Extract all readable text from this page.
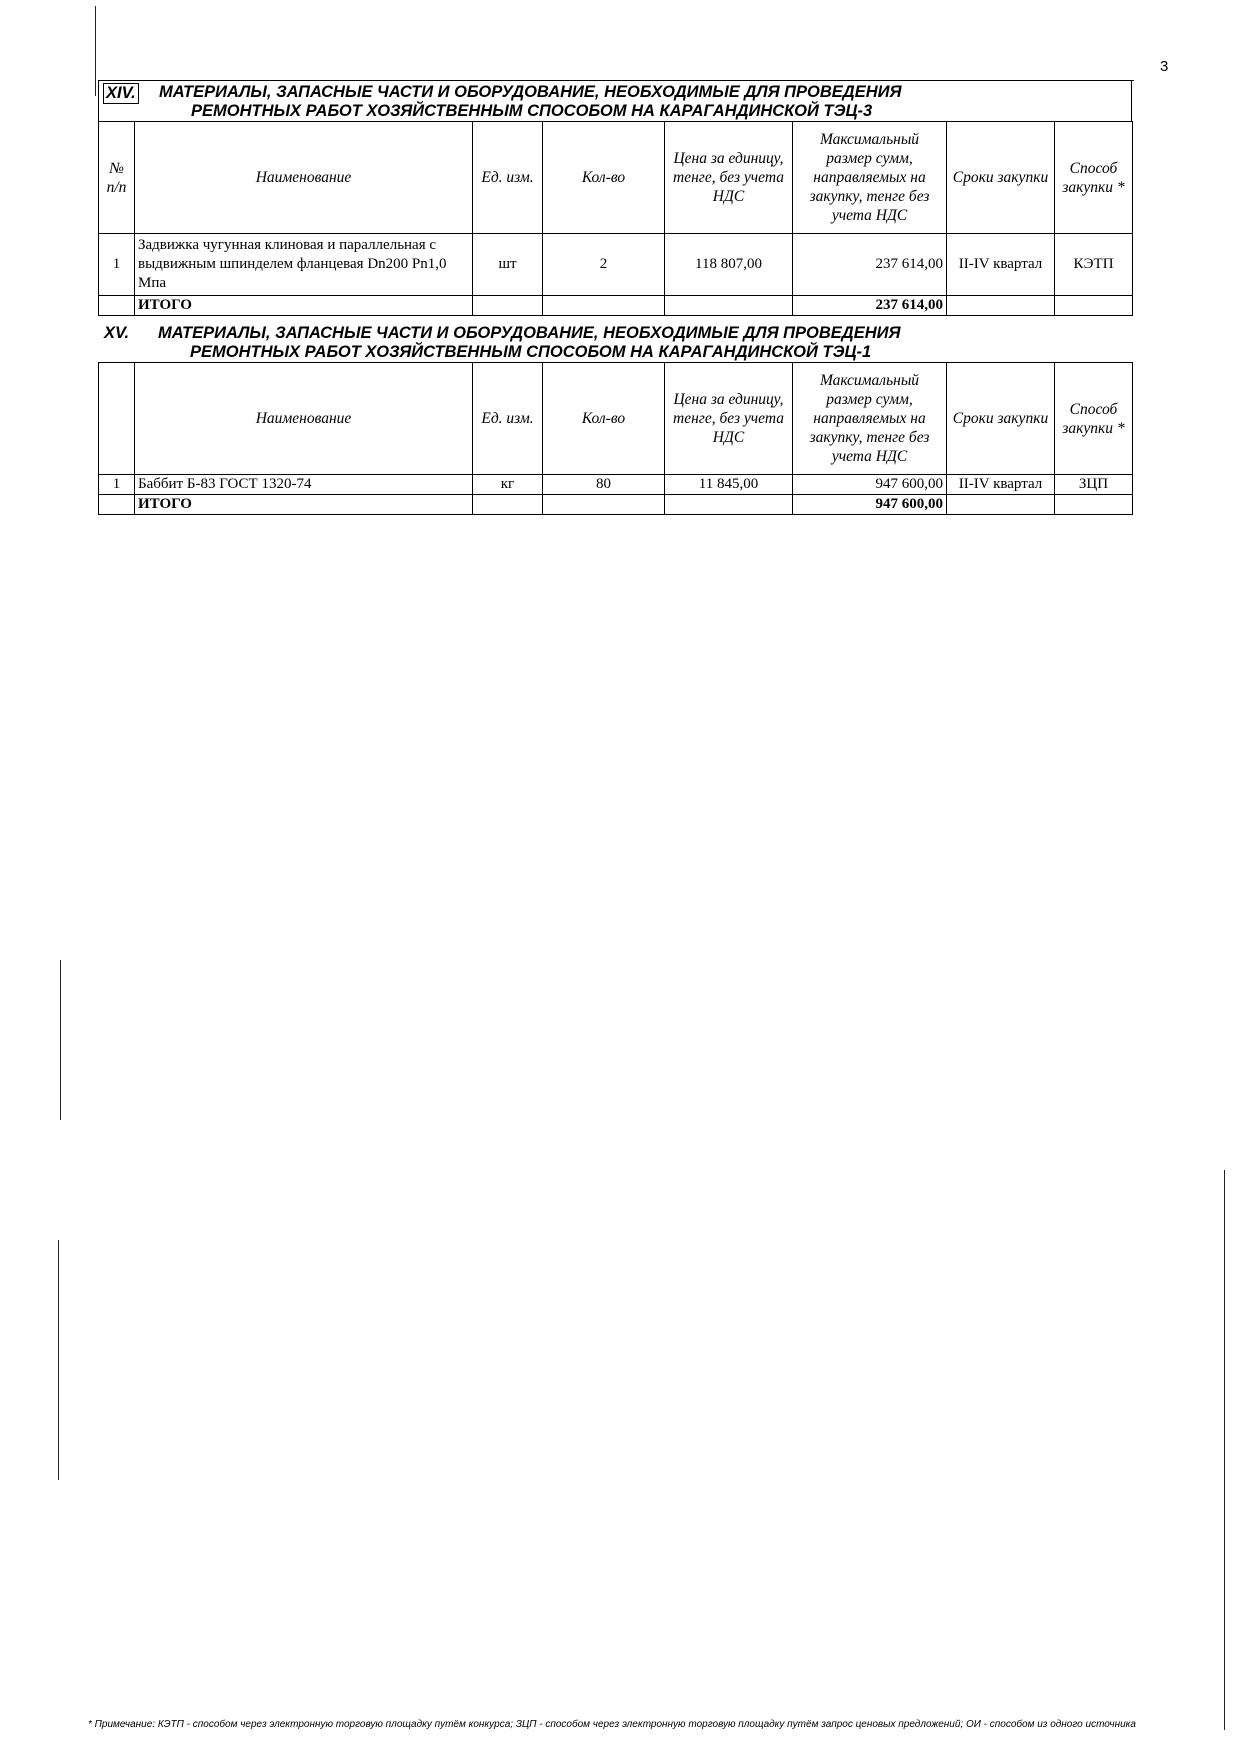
3
XIV.	МАТЕРИАЛЫ, ЗАПАСНЫЕ ЧАСТИ И ОБОРУДОВАНИЕ, НЕОБХОДИМЫЕ ДЛЯ ПРОВЕДЕНИЯ
РЕМОНТНЫХ РАБОТ ХОЗЯЙСТВЕННЫМ СПОСОБОМ НА КАРАГАНДИНСКОЙ ТЭЦ-3
№ п/п	Наименование	Ед. изм.	Кол-во	Цена за единицу, тенге, без учета НДС	Максимальный размер сумм, направляемых на закупку, тенге без учета НДС	Сроки закупки	Способ закупки *
1	Задвижка чугунная клиновая и параллельная с выдвижным шпинделем фланцевая Dn200 Pn1,0 Мпа	шт	2	118 807,00	237 614,00	II-IV квартал	КЭТП
	ИТОГО				237 614,00		
XV.	МАТЕРИАЛЫ, ЗАПАСНЫЕ ЧАСТИ И ОБОРУДОВАНИЕ, НЕОБХОДИМЫЕ ДЛЯ ПРОВЕДЕНИЯ
РЕМОНТНЫХ РАБОТ ХОЗЯЙСТВЕННЫМ СПОСОБОМ НА КАРАГАНДИНСКОЙ ТЭЦ-1
	Наименование	Ед. изм.	Кол-во	Цена за единицу, тенге, без учета НДС	Максимальный размер сумм, направляемых на закупку, тенге без учета НДС	Сроки закупки	Способ закупки *
1	Баббит Б-83 ГОСТ 1320-74	кг	80	11 845,00	947 600,00	II-IV квартал	ЗЦП
	ИТОГО				947 600,00		
* Примечание: КЭТП - способом через электронную торговую площадку путём конкурса; ЗЦП - способом через электронную торговую площадку путём запрос ценовых предложений; ОИ - способом из одного источника
